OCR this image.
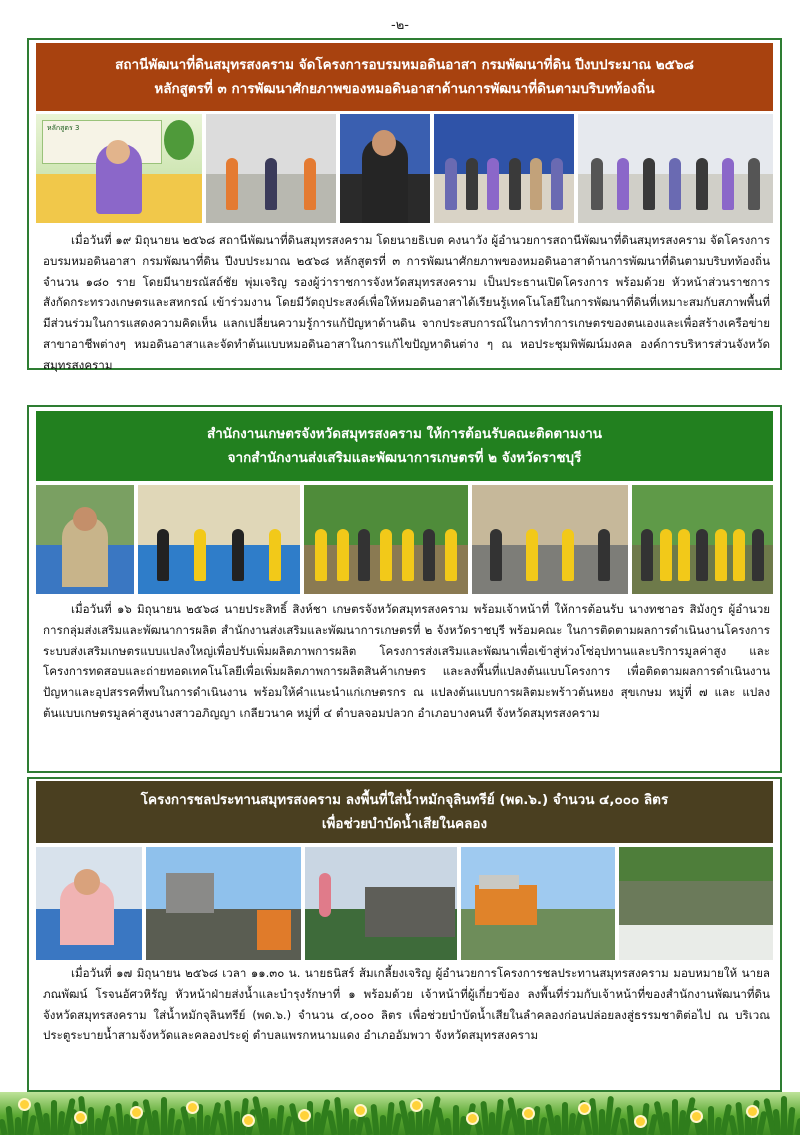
-๒-
สถานีพัฒนาที่ดินสมุทรสงคราม จัดโครงการอบรมหมอดินอาสา กรมพัฒนาที่ดิน ปีงบประมาณ ๒๕๖๘
หลักสูตรที่ ๓ การพัฒนาศักยภาพของหมอดินอาสาด้านการพัฒนาที่ดินตามบริบทท้องถิ่น
หลักสูตร 3

เมื่อวันที่ ๑๙ มิถุนายน ๒๕๖๘ สถานีพัฒนาที่ดินสมุทรสงคราม โดยนายธิเบต คงนาวัง ผู้อำนวยการสถานีพัฒนาที่ดินสมุทรสงคราม จัดโครงการอบรมหมอดินอาสา กรมพัฒนาที่ดิน ปีงบประมาณ ๒๕๖๘ หลักสูตรที่ ๓ การพัฒนาศักยภาพของหมอดินอาสาด้านการพัฒนาที่ดินตามบริบทท้องถิ่น จำนวน ๑๘๐ ราย โดยมีนายรณัสถ์ชัย พุ่มเจริญ รองผู้ว่าราชการจังหวัดสมุทรสงคราม เป็นประธานเปิดโครงการ พร้อมด้วย หัวหน้าส่วนราชการสังกัดกระทรวงเกษตรและสหกรณ์ เข้าร่วมงาน โดยมีวัตถุประสงค์เพื่อให้หมอดินอาสาได้เรียนรู้เทคโนโลยีในการพัฒนาที่ดินที่เหมาะสมกับสภาพพื้นที่ มีส่วนร่วมในการแสดงความคิดเห็น แลกเปลี่ยนความรู้การแก้ปัญหาด้านดิน จากประสบการณ์ในการทำการเกษตรของตนเองและเพื่อสร้างเครือข่าย สาขาอาชีพต่างๆ หมอดินอาสาและจัดทำต้นแบบหมอดินอาสาในการแก้ไขปัญหาดินต่าง ๆ ณ หอประชุมพิพัฒน์มงคล องค์การบริหารส่วนจังหวัดสมุทรสงคราม

สำนักงานเกษตรจังหวัดสมุทรสงคราม ให้การต้อนรับคณะติดตามงาน
จากสำนักงานส่งเสริมและพัฒนาการเกษตรที่ ๒ จังหวัดราชบุรี

เมื่อวันที่ ๑๖ มิถุนายน ๒๕๖๘ นายประสิทธิ์ สิงห์ชา เกษตรจังหวัดสมุทรสงคราม พร้อมเจ้าหน้าที่ ให้การต้อนรับ นางทชาอร สิมังกูร ผู้อำนวยการกลุ่มส่งเสริมและพัฒนาการผลิต สำนักงานส่งเสริมและพัฒนาการเกษตรที่ ๒ จังหวัดราชบุรี พร้อมคณะ ในการติดตามผลการดำเนินงานโครงการระบบส่งเสริมเกษตรแบบแปลงใหญ่เพื่อปรับเพิ่มผลิตภาพการผลิต โครงการส่งเสริมและพัฒนาเพื่อเข้าสู่ห่วงโซ่อุปทานและบริการมูลค่าสูง และโครงการทดสอบและถ่ายทอดเทคโนโลยีเพื่อเพิ่มผลิตภาพการผลิตสินค้าเกษตร และลงพื้นที่แปลงต้นแบบโครงการ เพื่อติดตามผลการดำเนินงาน ปัญหาและอุปสรรคที่พบในการดำเนินงาน พร้อมให้คำแนะนำแก่เกษตรกร ณ แปลงต้นแบบการผลิตมะพร้าวต้นหยง สุขเกษม หมู่ที่ ๗ และ แปลงต้นแบบเกษตรมูลค่าสูงนางสาวอภิญญา เกลียวนาค หมู่ที่ ๔ ตำบลจอมปลวก อำเภอบางคนที จังหวัดสมุทรสงคราม

โครงการชลประทานสมุทรสงคราม ลงพื้นที่ใส่น้ำหมักจุลินทรีย์ (พด.๖.) จำนวน ๔,๐๐๐ ลิตร
เพื่อช่วยบำบัดน้ำเสียในคลอง

เมื่อวันที่ ๑๗ มิถุนายน ๒๕๖๘ เวลา ๑๑.๓๐ น. นายธนิสร์ ส้มเกลี้ยงเจริญ ผู้อำนวยการโครงการชลประทานสมุทรสงคราม มอบหมายให้ นายลภณพัฒน์ โรจนอัศวหิรัญ หัวหน้าฝ่ายส่งน้ำและบำรุงรักษาที่ ๑ พร้อมด้วย เจ้าหน้าที่ผู้เกี่ยวข้อง ลงพื้นที่ร่วมกับเจ้าหน้าที่ของสำนักงานพัฒนาที่ดินจังหวัดสมุทรสงคราม ใส่น้ำหมักจุลินทรีย์ (พด.๖.) จำนวน ๔,๐๐๐ ลิตร เพื่อช่วยบำบัดน้ำเสียในลำคลองก่อนปล่อยลงสู่ธรรมชาติต่อไป ณ บริเวณประตูระบายน้ำสามจังหวัดและคลองประดู่ ตำบลแพรกหนามแดง อำเภออัมพวา จังหวัดสมุทรสงคราม
